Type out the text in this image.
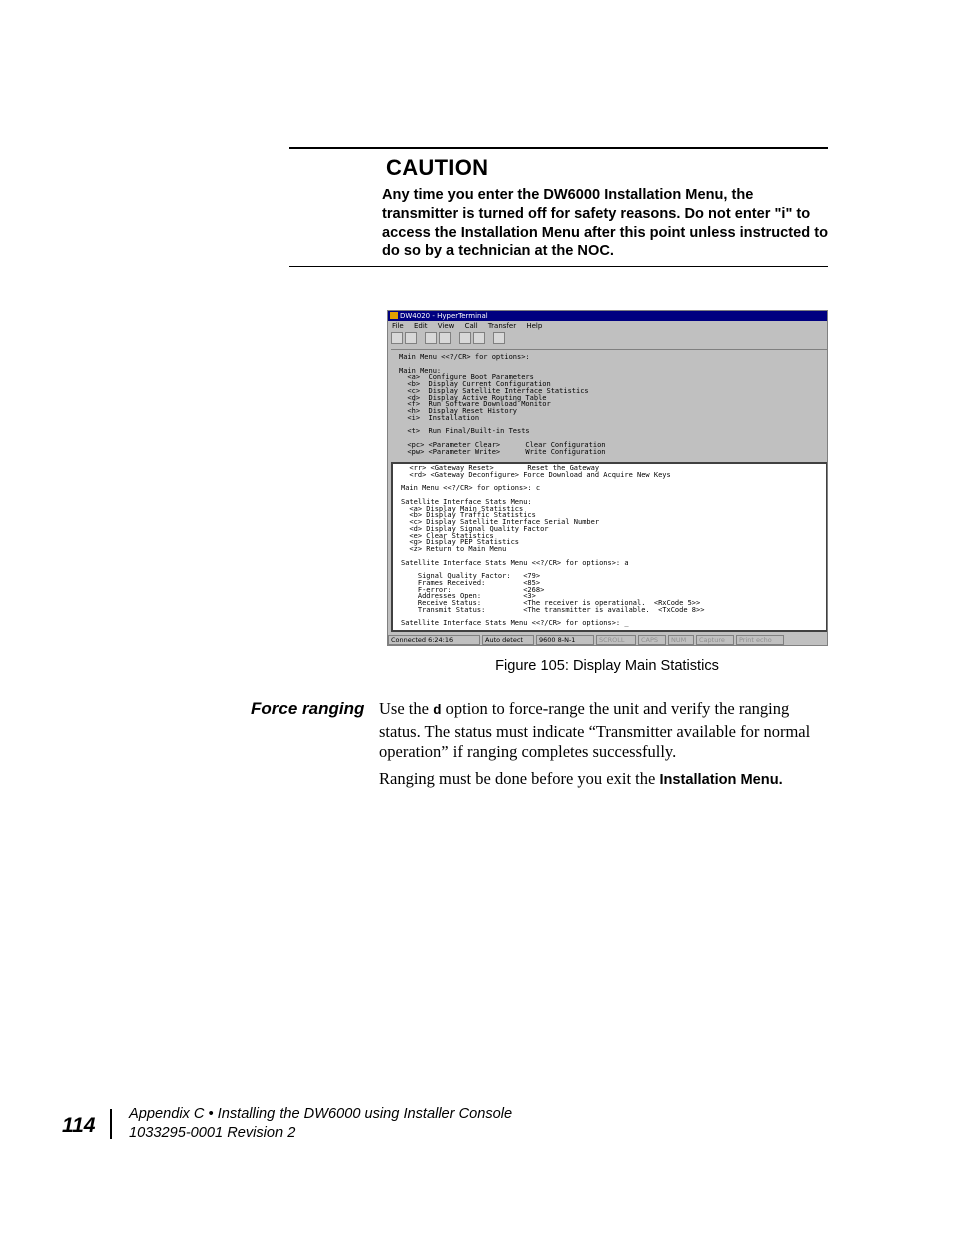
CAUTION
Any time you enter the DW6000 Installation Menu, the transmitter is turned off for safety reasons. Do not enter "i" to access the Installation Menu after this point unless instructed to do so by a technician at the NOC.
DW4020 - HyperTerminal
File Edit View Call Transfer Help
Main Menu <<?/CR> for options>:

Main Menu:
<a>  Configure Boot Parameters
<b>  Display Current Configuration
<c>  Display Satellite Interface Statistics
<d>  Display Active Routing Table
<f>  Run Software Download Monitor
<h>  Display Reset History
<i>  Installation

<t>  Run Final/Built-in Tests

<pc> <Parameter Clear>      Clear Configuration
<pw> <Parameter Write>      Write Configuration
<rr> <Gateway Reset>        Reset the Gateway
<rd> <Gateway Deconfigure> Force Download and Acquire New Keys

Main Menu <<?/CR> for options>: c

Satellite Interface Stats Menu:
<a> Display Main Statistics
<b> Display Traffic Statistics
<c> Display Satellite Interface Serial Number
<d> Display Signal Quality Factor
<e> Clear Statistics
<g> Display PEP Statistics
<z> Return to Main Menu

Satellite Interface Stats Menu <<?/CR> for options>: a

Signal Quality Factor:   <79>
Frames Received:         <85>
F-error:                 <268>
Addresses Open:          <3>
Receive Status:          <The receiver is operational.  <RxCode 5>>
Transmit Status:         <The transmitter is available.  <TxCode 8>>

Satellite Interface Stats Menu <<?/CR> for options>: _
Connected 6:24:16	Auto detect	9600 8-N-1	SCROLL	CAPS	NUM	Capture	Print echo
Figure 105: Display Main Statistics
Force ranging Use the d option to force-range the unit and verify the ranging status. The status must indicate “Transmitter available for normal operation” if ranging completes successfully.
Ranging must be done before you exit the Installation Menu.
114 Appendix C • Installing the DW6000 using Installer Console
1033295-0001 Revision 2
